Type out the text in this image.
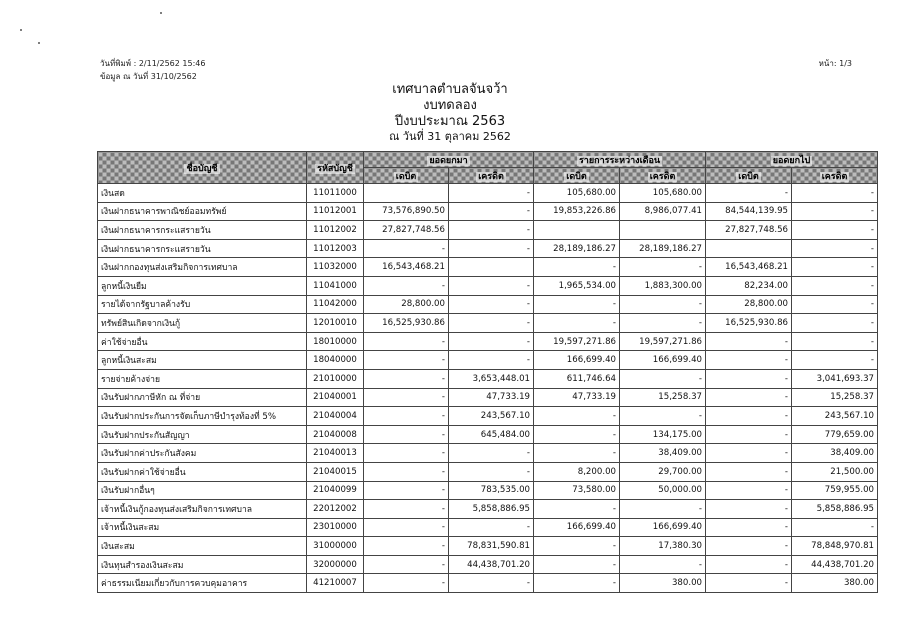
วันที่พิมพ์ : 2/11/2562 15:46
ข้อมูล ณ วันที่ 31/10/2562
หน้า: 1/3
เทศบาลตำบลจันจว้า
งบทดลอง
ปีงบประมาณ 2563
ณ วันที่ 31 ตุลาคม 2562
ชื่อบัญชี	รหัสบัญชี	ยอดยกมา		รายการระหว่างเดือน		ยอดยกไป	
		เดบิต	เครดิต	เดบิต	เครดิต	เดบิต	เครดิต
เงินสด	11011000		-	105,680.00	105,680.00	-	-
เงินฝากธนาคารพาณิชย์ออมทรัพย์	11012001	73,576,890.50	-	19,853,226.86	8,986,077.41	84,544,139.95	-
เงินฝากธนาคารกระแสรายวัน	11012002	27,827,748.56	-			27,827,748.56	-
เงินฝากธนาคารกระแสรายวัน	11012003	-	-	28,189,186.27	28,189,186.27		-
เงินฝากกองทุนส่งเสริมกิจการเทศบาล	11032000	16,543,468.21		-	-	16,543,468.21	-
ลูกหนี้เงินยืม	11041000	-	-	1,965,534.00	1,883,300.00	82,234.00	-
รายได้จากรัฐบาลค้างรับ	11042000	28,800.00	-	-	-	28,800.00	-
ทรัพย์สินเกิดจากเงินกู้	12010010	16,525,930.86	-	-	-	16,525,930.86	-
ค่าใช้จ่ายอื่น	18010000	-	-	19,597,271.86	19,597,271.86	-	-
ลูกหนี้เงินสะสม	18040000	-	-	166,699.40	166,699.40	-	-
รายจ่ายค้างจ่าย	21010000	-	3,653,448.01	611,746.64	-	-	3,041,693.37
เงินรับฝากภาษีหัก ณ ที่จ่าย	21040001	-	47,733.19	47,733.19	15,258.37	-	15,258.37
เงินรับฝากประกันการจัดเก็บภาษีบำรุงท้องที่ 5%	21040004	-	243,567.10	-	-	-	243,567.10
เงินรับฝากประกันสัญญา	21040008	-	645,484.00	-	134,175.00	-	779,659.00
เงินรับฝากค่าประกันสังคม	21040013	-	-	-	38,409.00	-	38,409.00
เงินรับฝากค่าใช้จ่ายอื่น	21040015	-	-	8,200.00	29,700.00	-	21,500.00
เงินรับฝากอื่นๆ	21040099	-	783,535.00	73,580.00	50,000.00	-	759,955.00
เจ้าหนี้เงินกู้กองทุนส่งเสริมกิจการเทศบาล	22012002	-	5,858,886.95	-	-	-	5,858,886.95
เจ้าหนี้เงินสะสม	23010000	-	-	166,699.40	166,699.40	-	-
เงินสะสม	31000000	-	78,831,590.81	-	17,380.30	-	78,848,970.81
เงินทุนสำรองเงินสะสม	32000000	-	44,438,701.20	-	-	-	44,438,701.20
ค่าธรรมเนียมเกี่ยวกับการควบคุมอาคาร	41210007	-	-	-	380.00	-	380.00
